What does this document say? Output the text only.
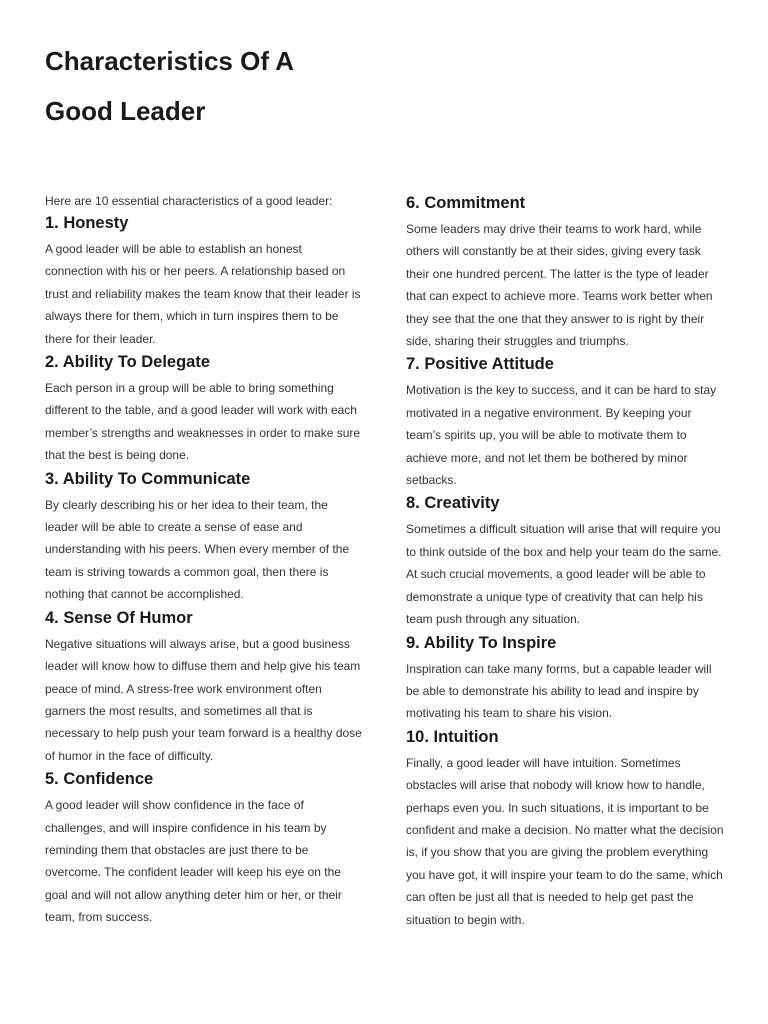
Characteristics Of A
Good Leader

Here are 10 essential characteristics of a good leader:

1. Honesty

A good leader will be able to establish an honest connection with his or her peers. A relationship based on trust and reliability makes the team know that their leader is always there for them, which in turn inspires them to be there for their leader.

2. Ability To Delegate

Each person in a group will be able to bring something different to the table, and a good leader will work with each member’s strengths and weaknesses in order to make sure that the best is being done.

3. Ability To Communicate

By clearly describing his or her idea to their team, the leader will be able to create a sense of ease and understanding with his peers. When every member of the team is striving towards a common goal, then there is nothing that cannot be accomplished.

4. Sense Of Humor

Negative situations will always arise, but a good business leader will know how to diffuse them and help give his team peace of mind. A stress-free work environment often garners the most results, and sometimes all that is necessary to help push your team forward is a healthy dose of humor in the face of difficulty.

5. Confidence

A good leader will show confidence in the face of challenges, and will inspire confidence in his team by reminding them that obstacles are just there to be overcome. The confident leader will keep his eye on the goal and will not allow anything deter him or her, or their team, from success.

6. Commitment

Some leaders may drive their teams to work hard, while others will constantly be at their sides, giving every task their one hundred percent. The latter is the type of leader that can expect to achieve more. Teams work better when they see that the one that they answer to is right by their side, sharing their struggles and triumphs.

7. Positive Attitude

Motivation is the key to success, and it can be hard to stay motivated in a negative environment. By keeping your team’s spirits up, you will be able to motivate them to achieve more, and not let them be bothered by minor setbacks.

8. Creativity

Sometimes a difficult situation will arise that will require you to think outside of the box and help your team do the same. At such crucial movements, a good leader will be able to demonstrate a unique type of creativity that can help his team push through any situation.

9. Ability To Inspire

Inspiration can take many forms, but a capable leader will be able to demonstrate his ability to lead and inspire by motivating his team to share his vision.

10. Intuition

Finally, a good leader will have intuition. Sometimes obstacles will arise that nobody will know how to handle, perhaps even you. In such situations, it is important to be confident and make a decision. No matter what the decision is, if you show that you are giving the problem everything you have got, it will inspire your team to do the same, which can often be just all that is needed to help get past the situation to begin with.
